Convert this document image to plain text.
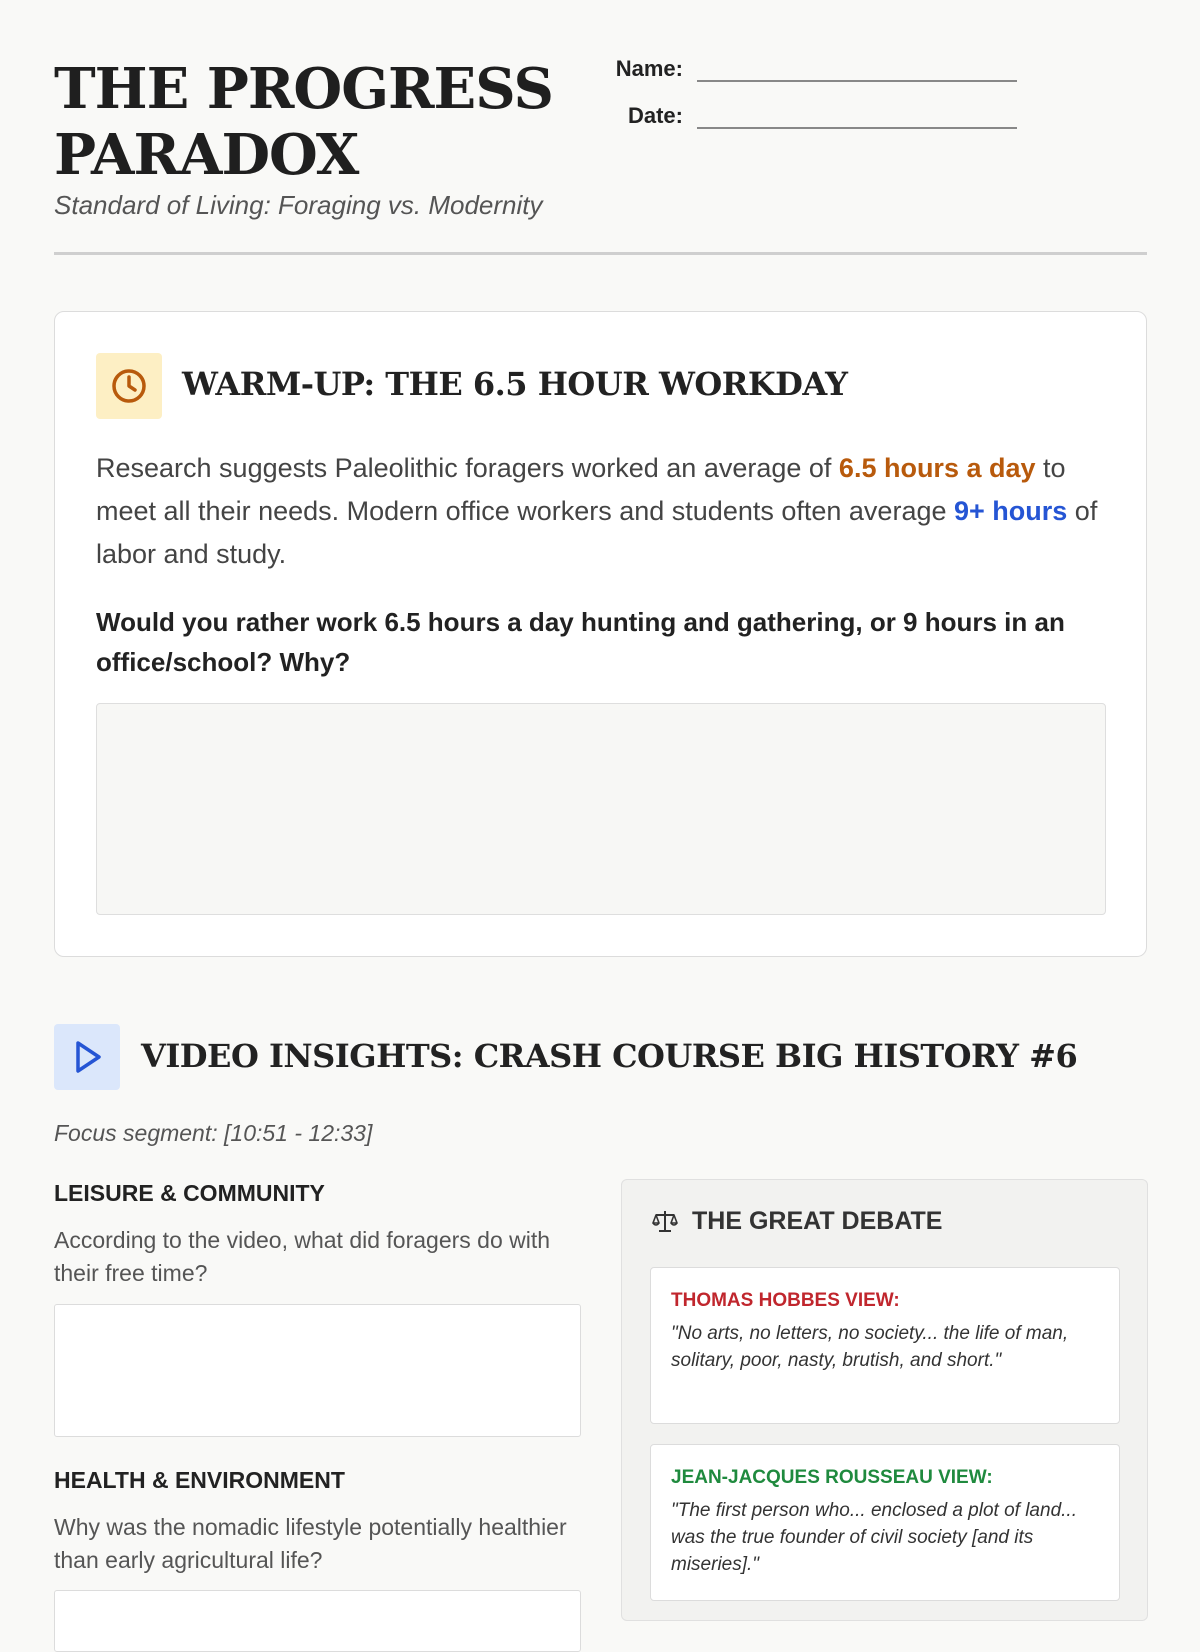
THE PROGRESS
PARADOX
Standard of Living: Foraging vs. Modernity
Name:
Date:
WARM-UP: THE 6.5 HOUR WORKDAY

Research suggests Paleolithic foragers worked an average of 6.5 hours a day to meet all their needs. Modern office workers and students often average 9+ hours of labor and study.

Would you rather work 6.5 hours a day hunting and gathering, or 9 hours in an office/school? Why?

VIDEO INSIGHTS: CRASH COURSE BIG HISTORY #6
Focus segment: [10:51 - 12:33]
LEISURE & COMMUNITY

According to the video, what did foragers do with their free time?

HEALTH & ENVIRONMENT

Why was the nomadic lifestyle potentially healthier than early agricultural life?

THE GREAT DEBATE
THOMAS HOBBES VIEW:

"No arts, no letters, no society... the life of man, solitary, poor, nasty, brutish, and short."

JEAN-JACQUES ROUSSEAU VIEW:

"The first person who... enclosed a plot of land... was the true founder of civil society [and its miseries]."
